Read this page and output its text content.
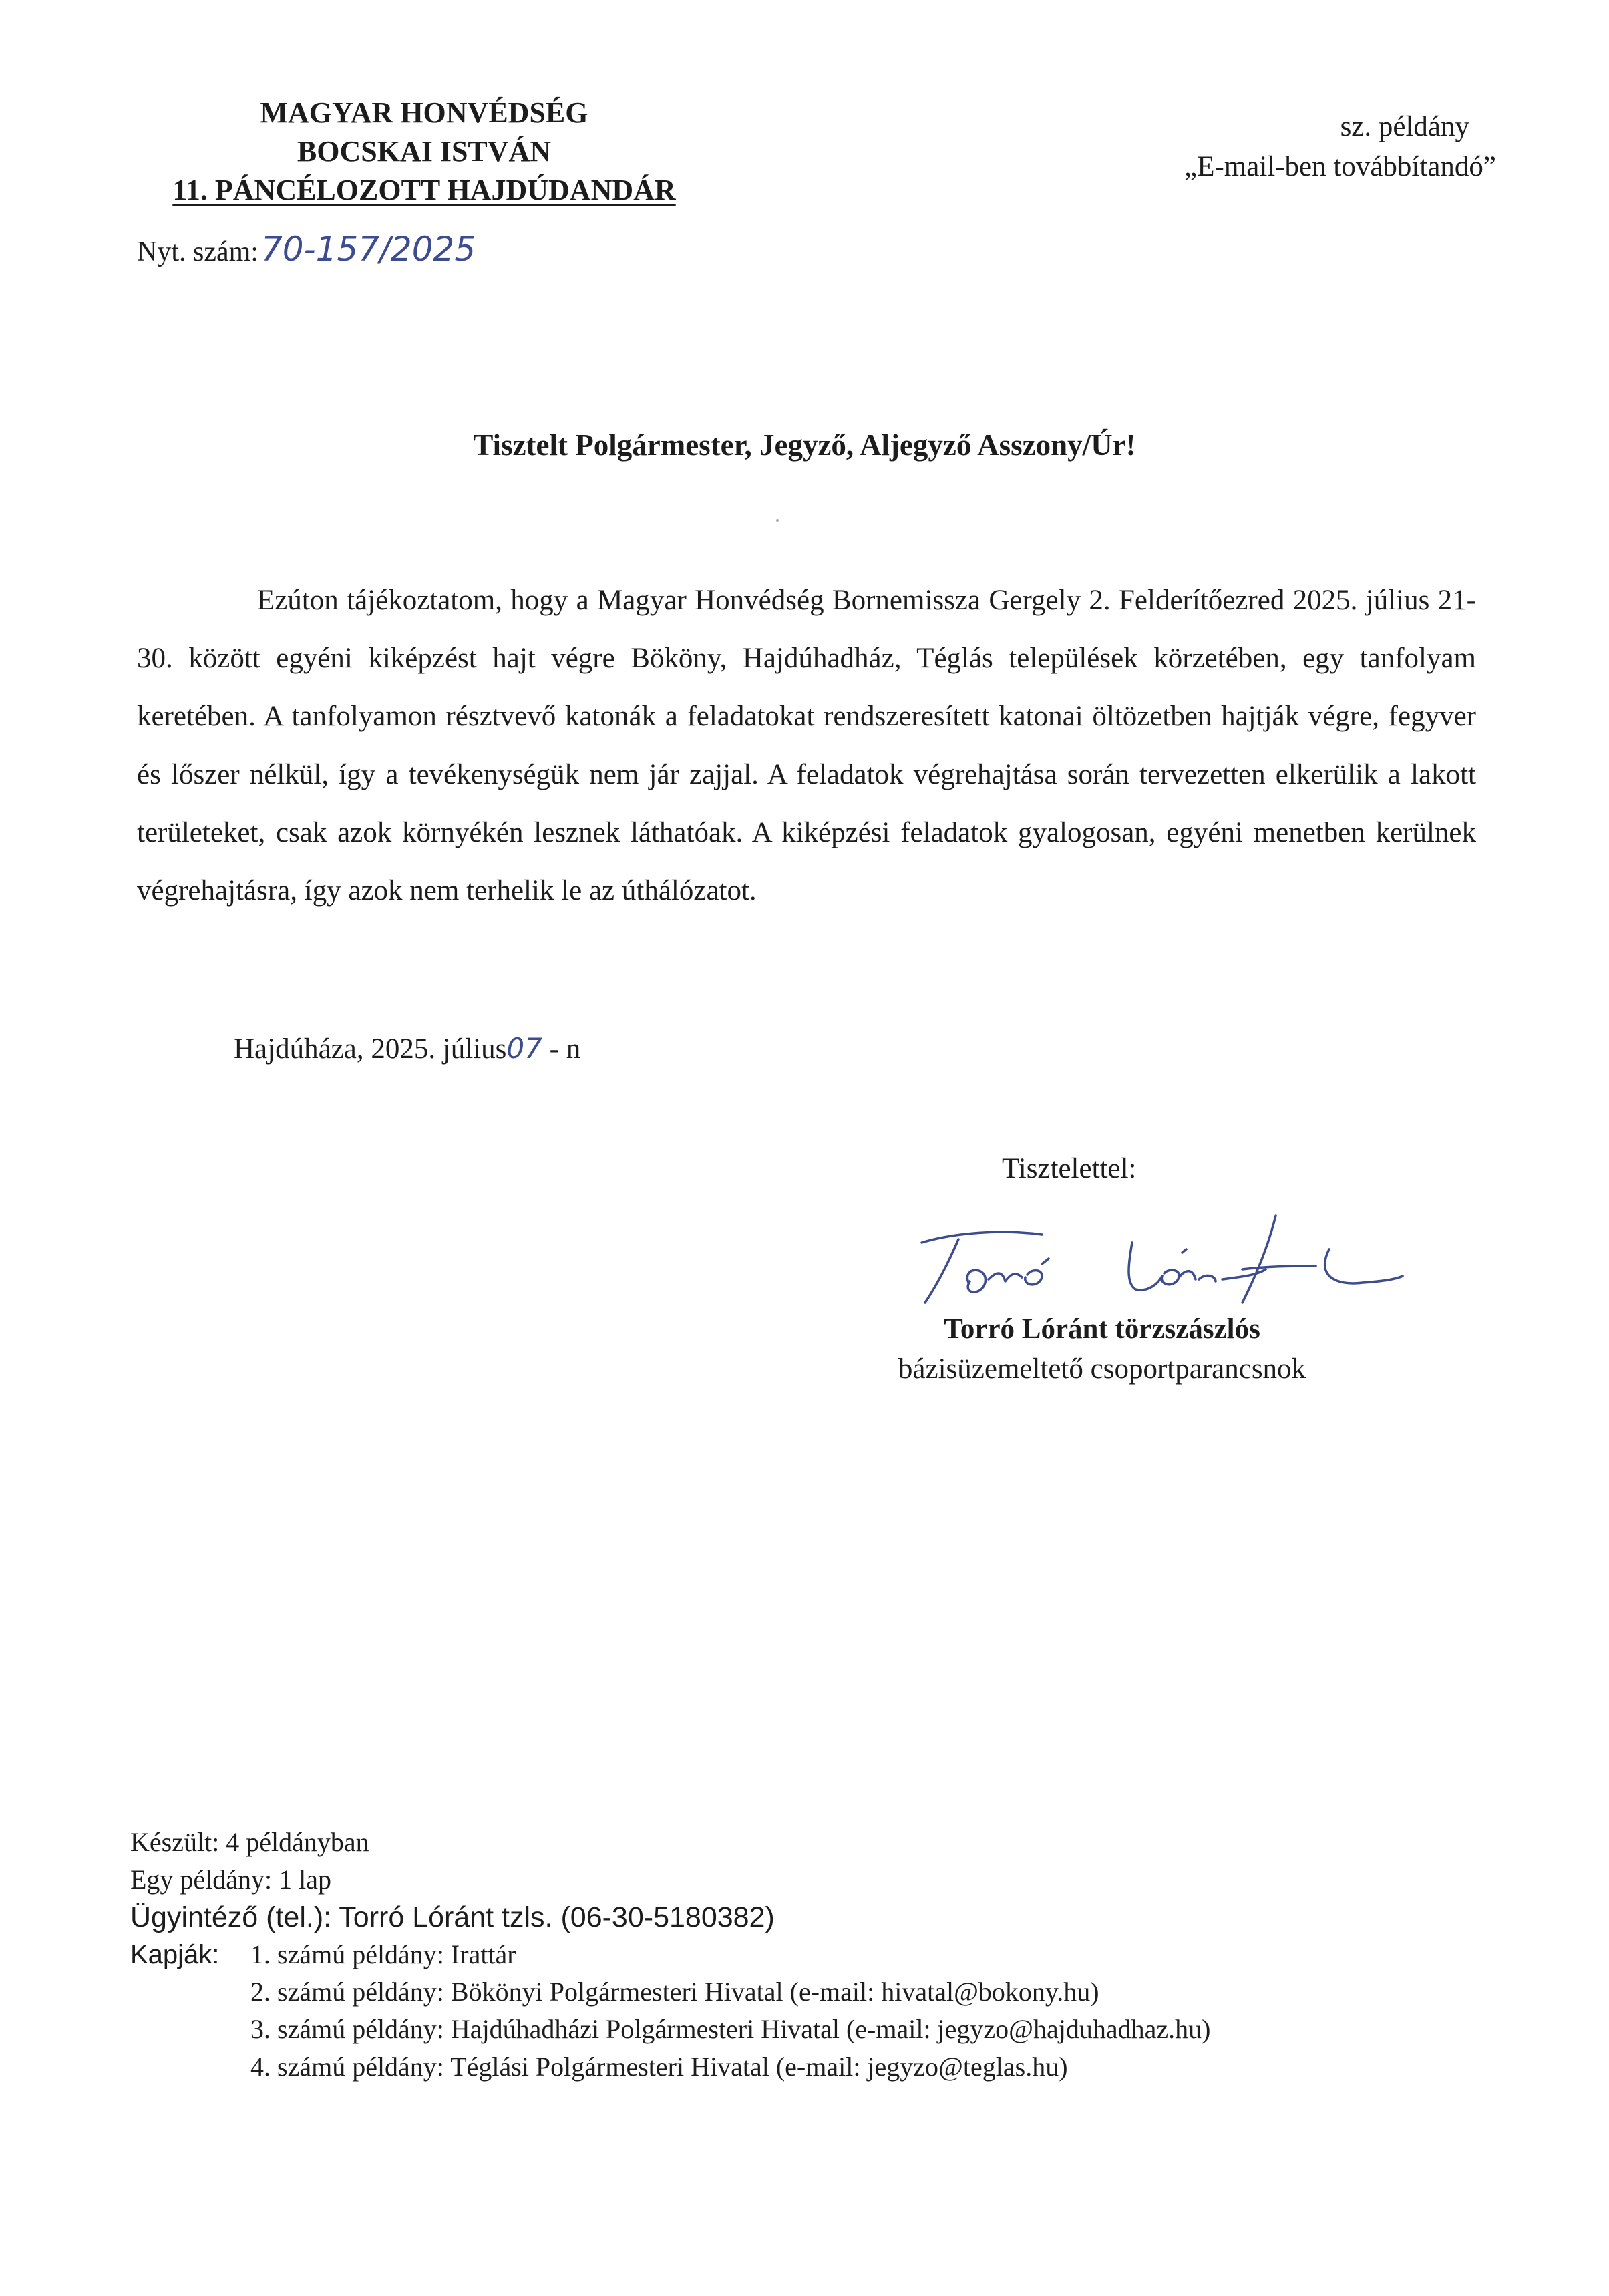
MAGYAR HONVÉDSÉG
BOCSKAI ISTVÁN
11. PÁNCÉLOZOTT HAJDÚDANDÁR
Nyt. szám:70-157/2025
sz. példány
„E-mail-ben továbbítandó”
Tisztelt Polgármester, Jegyző, Aljegyző Asszony/Úr!

Ezúton tájékoztatom, hogy a Magyar Honvédség Bornemissza Gergely 2. Felderítőezred 2025. július 21-30. között egyéni kiképzést hajt végre Bököny, Hajdúhadház, Téglás települések körzetében, egy tanfolyam keretében. A tanfolyamon résztvevő katonák a feladatokat rendszeresített katonai öltözetben hajtják végre, fegyver és lőszer nélkül, így a tevékenységük nem jár zajjal. A feladatok végrehajtása során tervezetten elkerülik a lakott területeket, csak azok környékén lesznek láthatóak. A kiképzési feladatok gyalogosan, egyéni menetben kerülnek végrehajtásra, így azok nem terhelik le az úthálózatot.

Hajdúháza, 2025. július07 - n
Tisztelettel:
Torró Lóránt törzszászlós
bázisüzemeltető csoportparancsnok
Készült: 4 példányban
Egy példány: 1 lap
Ügyintéző (tel.): Torró Lóránt tzls. (06-30-5180382)
Kapják: 1. számú példány: Irattár
2. számú példány: Bökönyi Polgármesteri Hivatal (e-mail: hivatal@bokony.hu)
3. számú példány: Hajdúhadházi Polgármesteri Hivatal (e-mail: jegyzo@hajduhadhaz.hu)
4. számú példány: Téglási Polgármesteri Hivatal (e-mail: jegyzo@teglas.hu)
